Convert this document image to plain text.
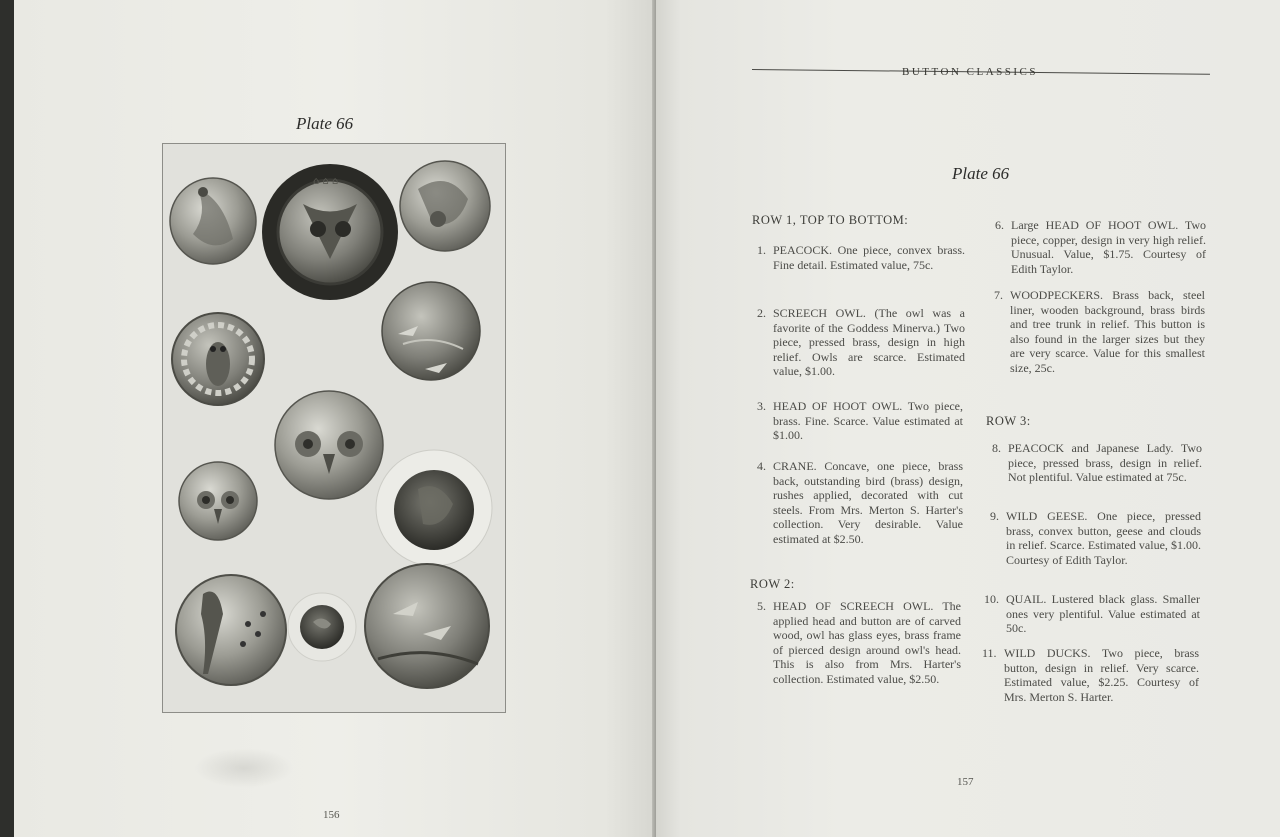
Plate 66
⌂ ⌂ ⌂
156
BUTTON CLASSICS
Plate 66
ROW 1, TOP TO BOTTOM:
1. PEACOCK. One piece, convex brass. Fine detail. Estimated value, 75c.
2. SCREECH OWL. (The owl was a favorite of the Goddess Minerva.) Two piece, pressed brass, design in high relief. Owls are scarce. Estimated value, $1.00.
3. HEAD OF HOOT OWL. Two piece, brass. Fine. Scarce. Value estimated at $1.00.
4. CRANE. Concave, one piece, brass back, outstanding bird (brass) design, rushes applied, decorated with cut steels. From Mrs. Merton S. Harter's collection. Very desirable. Value estimated at $2.50.
ROW 2:
5. HEAD OF SCREECH OWL. The applied head and button are of carved wood, owl has glass eyes, brass frame of pierced design around owl's head. This is also from Mrs. Harter's collection. Estimated value, $2.50.
6. Large HEAD OF HOOT OWL. Two piece, copper, design in very high relief. Unusual. Value, $1.75. Courtesy of Edith Taylor.
7. WOODPECKERS. Brass back, steel liner, wooden background, brass birds and tree trunk in relief. This button is also found in the larger sizes but they are very scarce. Value for this smallest size, 25c.
ROW 3:
8. PEACOCK and Japanese Lady. Two piece, pressed brass, design in relief. Not plentiful. Value estimated at 75c.
9. WILD GEESE. One piece, pressed brass, convex button, geese and clouds in relief. Scarce. Estimated value, $1.00. Courtesy of Edith Taylor.
10. QUAIL. Lustered black glass. Smaller ones very plentiful. Value estimated at 50c.
11. WILD DUCKS. Two piece, brass button, design in relief. Very scarce. Estimated value, $2.25. Courtesy of Mrs. Merton S. Harter.
157
